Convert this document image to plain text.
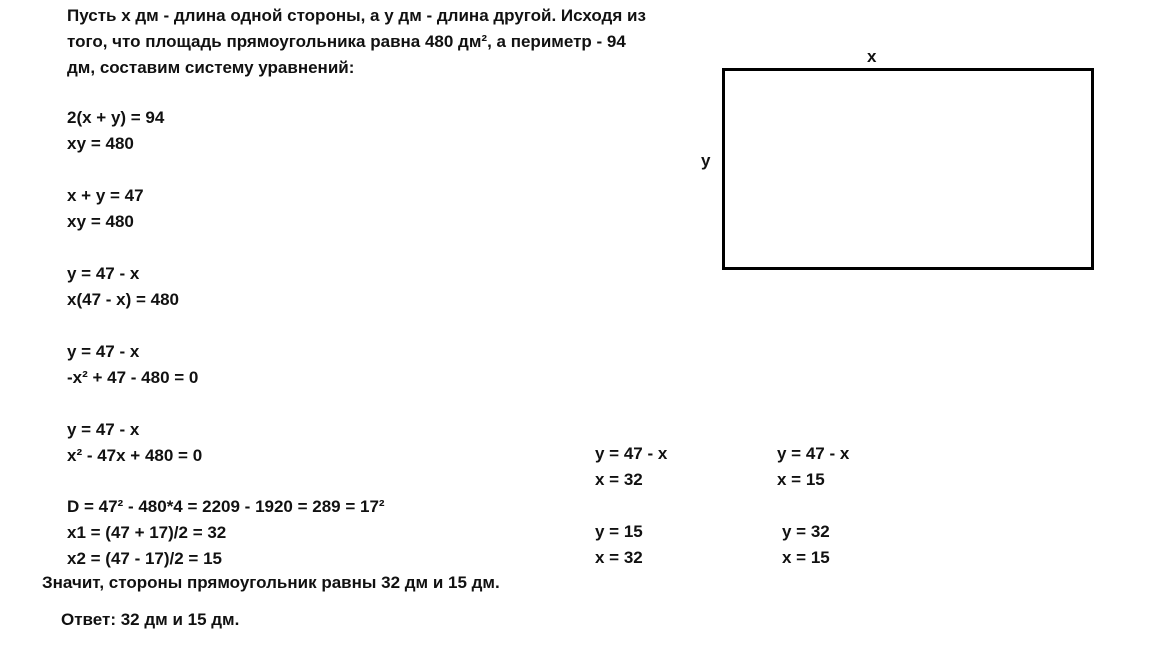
Пусть х дм - длина одной стороны, а у дм - длина другой. Исходя из
того, что площадь прямоугольника равна 480 дм², а периметр - 94
дм, составим систему уравнений:
2(х + у) = 94
ху = 480
х + у = 47
ху = 480
у = 47 - х
х(47 - х) = 480
у = 47 - х
-х² + 47 - 480 = 0
у = 47 - х
х² - 47х + 480 = 0
D = 47² - 480*4 = 2209 - 1920 = 289 = 17²
х1 = (47 + 17)/2 = 32
х2 = (47 - 17)/2 = 15
у = 47 - х
х = 32
у = 47 - х
х = 15
у = 15
х = 32
у = 32
х = 15
Значит, стороны прямоугольник равны 32 дм и 15 дм.
Ответ: 32 дм и 15 дм.
х
у
